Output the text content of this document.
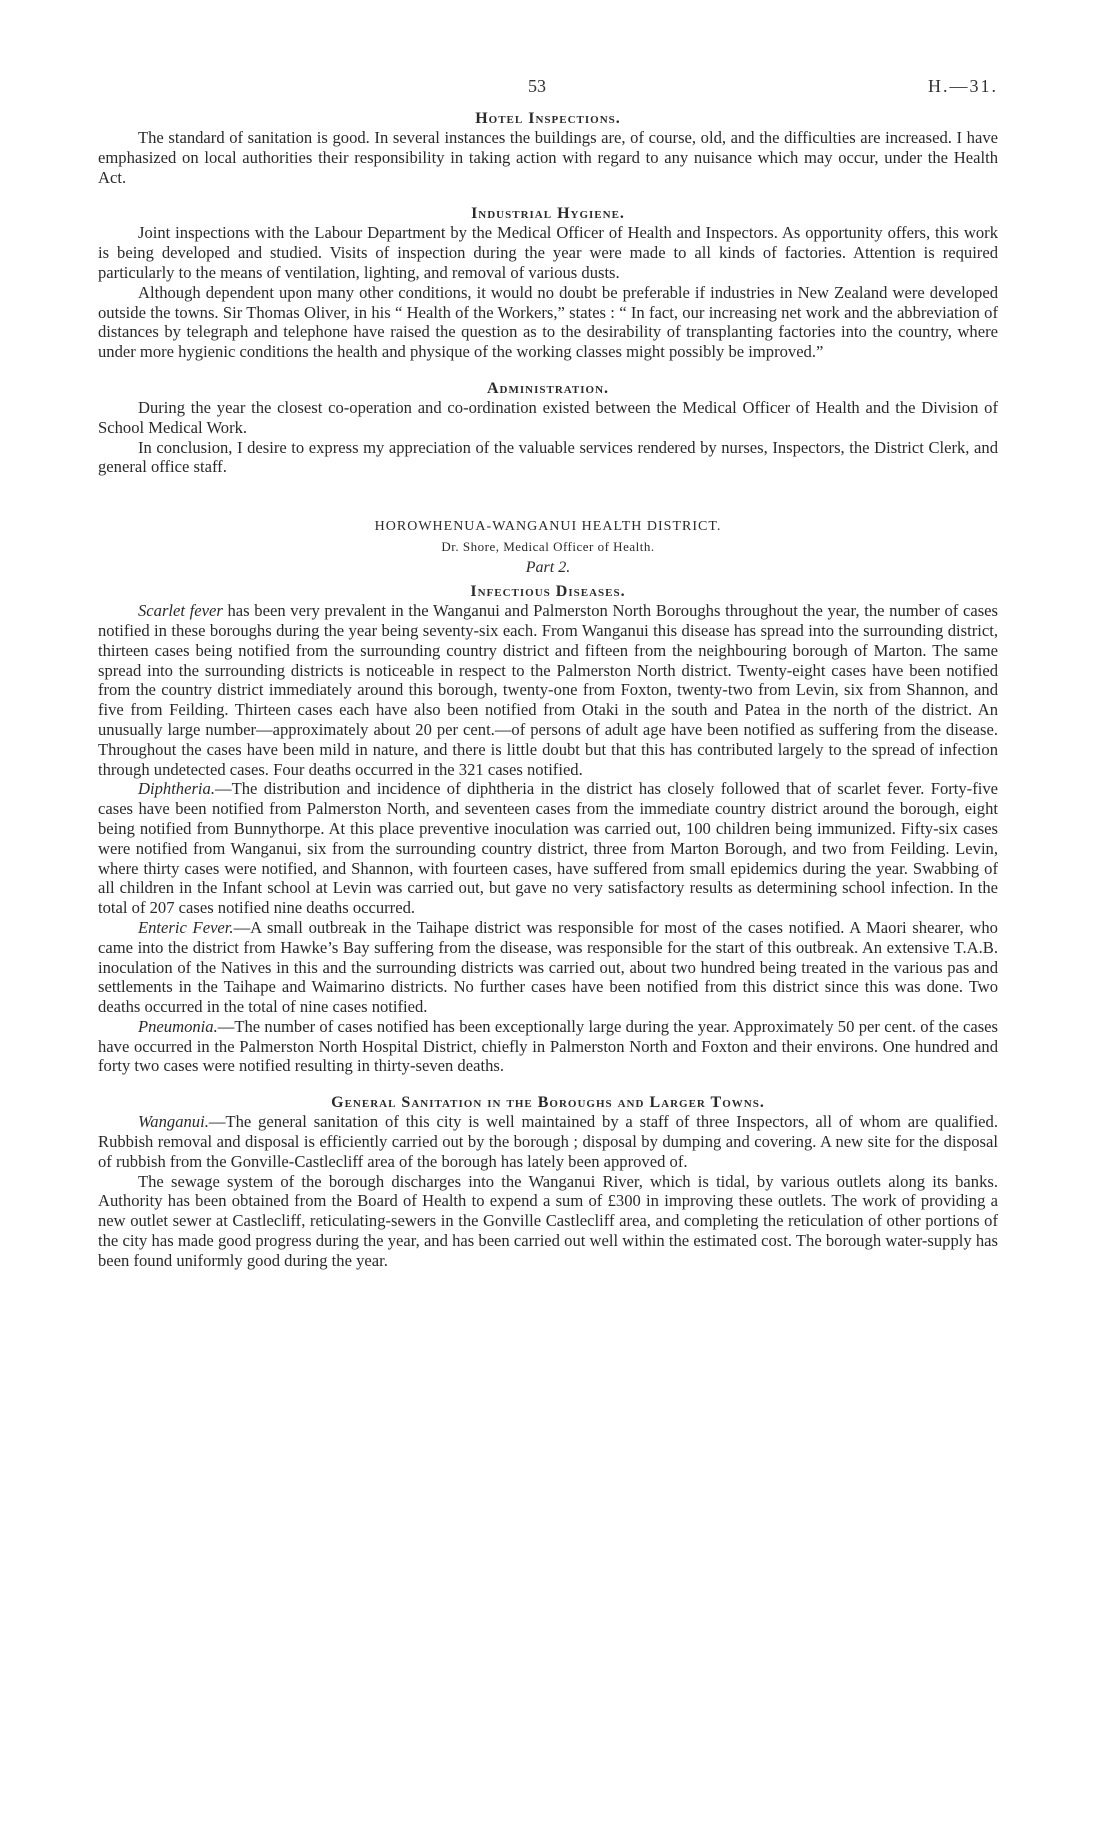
53	H.—31.
Hotel Inspections.

The standard of sanitation is good. In several instances the buildings are, of course, old, and the difficulties are increased. I have emphasized on local authorities their responsibility in taking action with regard to any nuisance which may occur, under the Health Act.

Industrial Hygiene.

Joint inspections with the Labour Department by the Medical Officer of Health and Inspectors. As opportunity offers, this work is being developed and studied. Visits of inspection during the year were made to all kinds of factories. Attention is required particularly to the means of ventilation, lighting, and removal of various dusts.

Although dependent upon many other conditions, it would no doubt be preferable if industries in New Zealand were developed outside the towns. Sir Thomas Oliver, in his “ Health of the Workers,” states : “ In fact, our increasing net work and the abbreviation of distances by telegraph and telephone have raised the question as to the desirability of transplanting factories into the country, where under more hygienic conditions the health and physique of the working classes might possibly be improved.”

Administration.

During the year the closest co-operation and co-ordination existed between the Medical Officer of Health and the Division of School Medical Work.

In conclusion, I desire to express my appreciation of the valuable services rendered by nurses, Inspectors, the District Clerk, and general office staff.

HOROWHENUA-WANGANUI HEALTH DISTRICT.
Dr. Shore, Medical Officer of Health.
Part 2.
Infectious Diseases.

Scarlet fever has been very prevalent in the Wanganui and Palmerston North Boroughs throughout the year, the number of cases notified in these boroughs during the year being seventy-six each. From Wanganui this disease has spread into the surrounding district, thirteen cases being notified from the surrounding country district and fifteen from the neighbouring borough of Marton. The same spread into the surrounding districts is noticeable in respect to the Palmerston North district. Twenty-eight cases have been notified from the country district immediately around this borough, twenty-one from Foxton, twenty-two from Levin, six from Shannon, and five from Feilding. Thirteen cases each have also been notified from Otaki in the south and Patea in the north of the district. An unusually large number—approximately about 20 per cent.—of persons of adult age have been notified as suffering from the disease. Throughout the cases have been mild in nature, and there is little doubt but that this has contributed largely to the spread of infection through undetected cases. Four deaths occurred in the 321 cases notified.

Diphtheria.—The distribution and incidence of diphtheria in the district has closely followed that of scarlet fever. Forty-five cases have been notified from Palmerston North, and seventeen cases from the immediate country district around the borough, eight being notified from Bunnythorpe. At this place preventive inoculation was carried out, 100 children being immunized. Fifty-six cases were notified from Wanganui, six from the surrounding country district, three from Marton Borough, and two from Feilding. Levin, where thirty cases were notified, and Shannon, with fourteen cases, have suffered from small epidemics during the year. Swabbing of all children in the Infant school at Levin was carried out, but gave no very satisfactory results as determining school infection. In the total of 207 cases notified nine deaths occurred.

Enteric Fever.—A small outbreak in the Taihape district was responsible for most of the cases notified. A Maori shearer, who came into the district from Hawke’s Bay suffering from the disease, was responsible for the start of this outbreak. An extensive T.A.B. inoculation of the Natives in this and the surrounding districts was carried out, about two hundred being treated in the various pas and settlements in the Taihape and Waimarino districts. No further cases have been notified from this district since this was done. Two deaths occurred in the total of nine cases notified.

Pneumonia.—The number of cases notified has been exceptionally large during the year. Approximately 50 per cent. of the cases have occurred in the Palmerston North Hospital District, chiefly in Palmerston North and Foxton and their environs. One hundred and forty two cases were notified resulting in thirty-seven deaths.

General Sanitation in the Boroughs and Larger Towns.

Wanganui.—The general sanitation of this city is well maintained by a staff of three Inspectors, all of whom are qualified. Rubbish removal and disposal is efficiently carried out by the borough ; disposal by dumping and covering. A new site for the disposal of rubbish from the Gonville-Castlecliff area of the borough has lately been approved of.

The sewage system of the borough discharges into the Wanganui River, which is tidal, by various outlets along its banks. Authority has been obtained from the Board of Health to expend a sum of £300 in improving these outlets. The work of providing a new outlet sewer at Castlecliff, reticulating-sewers in the Gonville Castlecliff area, and completing the reticulation of other portions of the city has made good progress during the year, and has been carried out well within the estimated cost. The borough water-supply has been found uniformly good during the year.
